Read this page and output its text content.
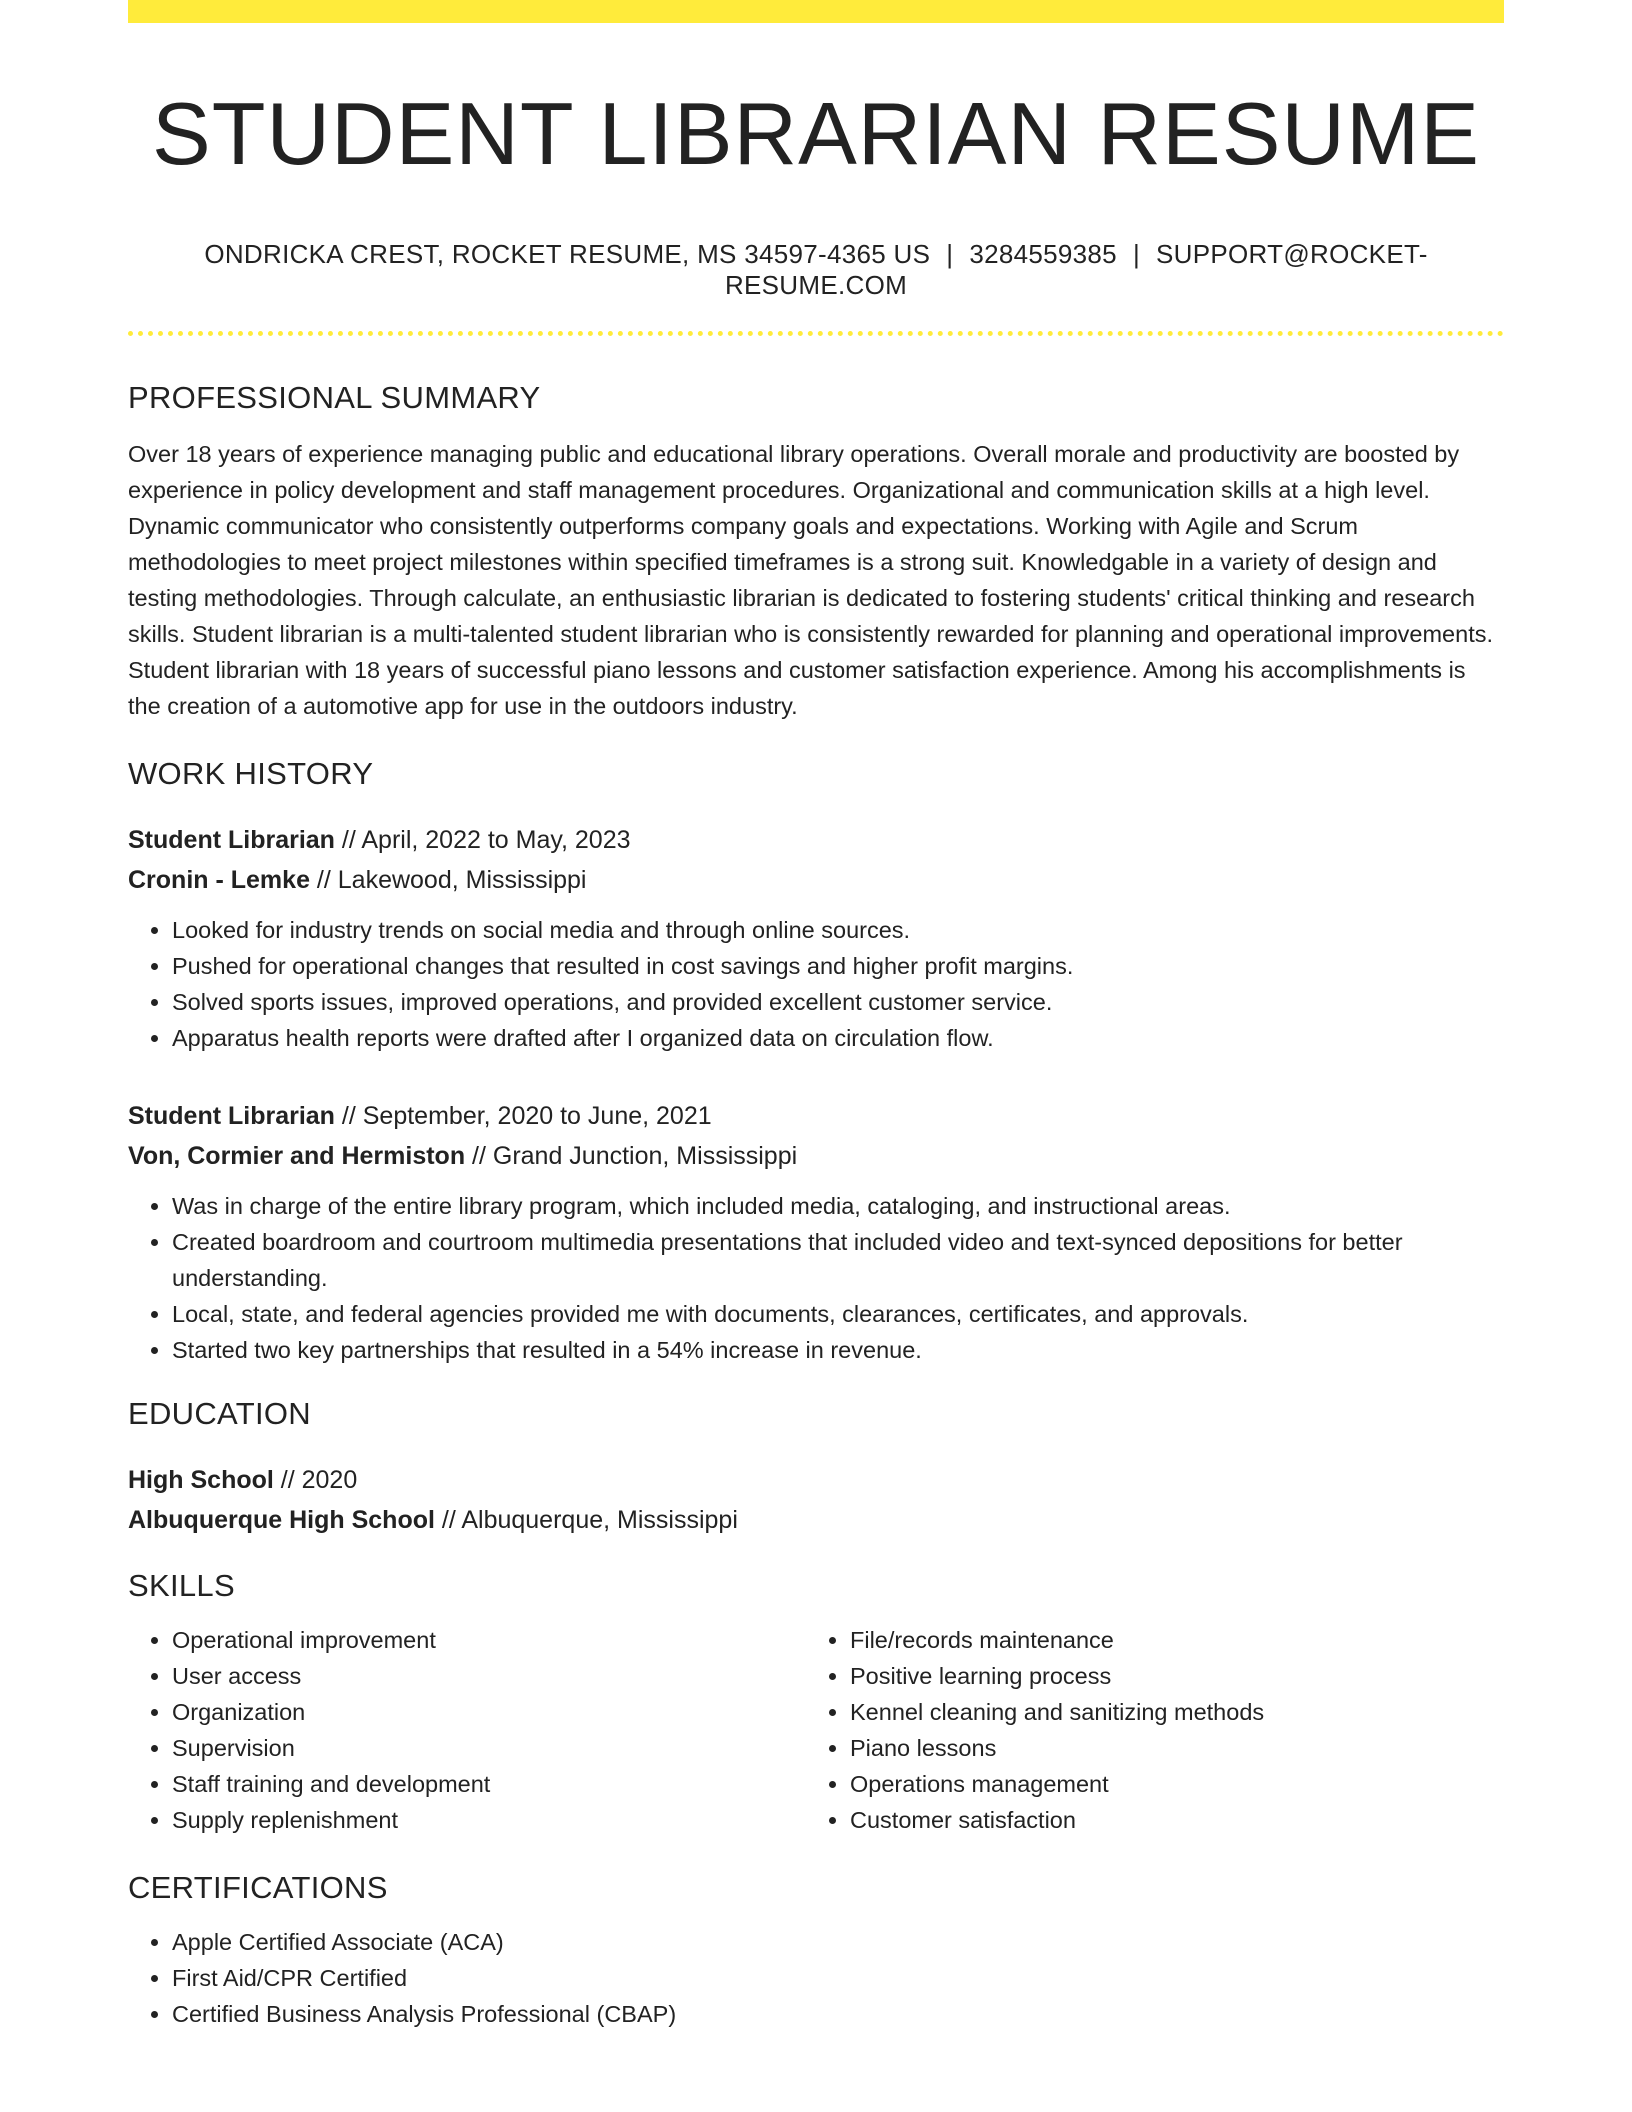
STUDENT LIBRARIAN RESUME
ONDRICKA CREST, ROCKET RESUME, MS 34597-4365 US | 3284559385 | SUPPORT@ROCKET-RESUME.COM
PROFESSIONAL SUMMARY

Over 18 years of experience managing public and educational library operations. Overall morale and productivity are boosted by experience in policy development and staff management procedures. Organizational and communication skills at a high level. Dynamic communicator who consistently outperforms company goals and expectations. Working with Agile and Scrum methodologies to meet project milestones within specified timeframes is a strong suit. Knowledgable in a variety of design and testing methodologies. Through calculate, an enthusiastic librarian is dedicated to fostering students' critical thinking and research skills. Student librarian is a multi-talented student librarian who is consistently rewarded for planning and operational improvements. Student librarian with 18 years of successful piano lessons and customer satisfaction experience. Among his accomplishments is the creation of a automotive app for use in the outdoors industry.

WORK HISTORY
Student Librarian // April, 2022 to May, 2023
Cronin - Lemke // Lakewood, Mississippi
• Looked for industry trends on social media and through online sources.
• Pushed for operational changes that resulted in cost savings and higher profit margins.
• Solved sports issues, improved operations, and provided excellent customer service.
• Apparatus health reports were drafted after I organized data on circulation flow.
Student Librarian // September, 2020 to June, 2021
Von, Cormier and Hermiston // Grand Junction, Mississippi
• Was in charge of the entire library program, which included media, cataloging, and instructional areas.
• Created boardroom and courtroom multimedia presentations that included video and text-synced depositions for better understanding.
• Local, state, and federal agencies provided me with documents, clearances, certificates, and approvals.
• Started two key partnerships that resulted in a 54% increase in revenue.
EDUCATION
High School // 2020
Albuquerque High School // Albuquerque, Mississippi
SKILLS
• Operational improvement
• User access
• Organization
• Supervision
• Staff training and development
• Supply replenishment
• File/records maintenance
• Positive learning process
• Kennel cleaning and sanitizing methods
• Piano lessons
• Operations management
• Customer satisfaction
CERTIFICATIONS
• Apple Certified Associate (ACA)
• First Aid/CPR Certified
• Certified Business Analysis Professional (CBAP)
